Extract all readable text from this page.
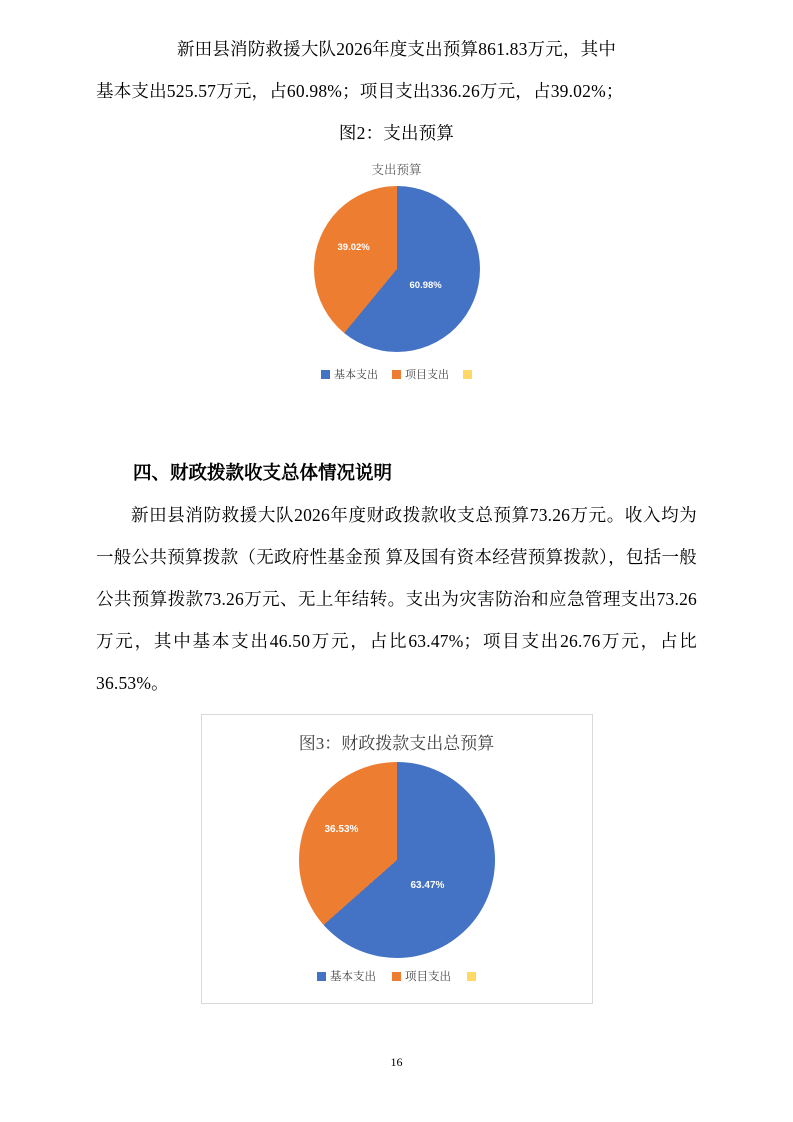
新田县消防救援大队2026年度支出预算861.83万元，其中
基本支出525.57万元，占60.98%；项目支出336.26万元，占39.02%；
图2：支出预算
支出预算
60.98%
39.02%
基本支出 项目支出
四、财政拨款收支总体情况说明
新田县消防救援大队2026年度财政拨款收支总预算73.26万元。收入均为一般公共预算拨款（无政府性基金预 算及国有资本经营预算拨款），包括一般公共预算拨款73.26万元、无上年结转。支出为灾害防治和应急管理支出73.26万元，其中基本支出46.50万元，占比63.47%；项目支出26.76万元，占比36.53%。
图3：财政拨款支出总预算
63.47%
36.53%
基本支出	项目支出
16
